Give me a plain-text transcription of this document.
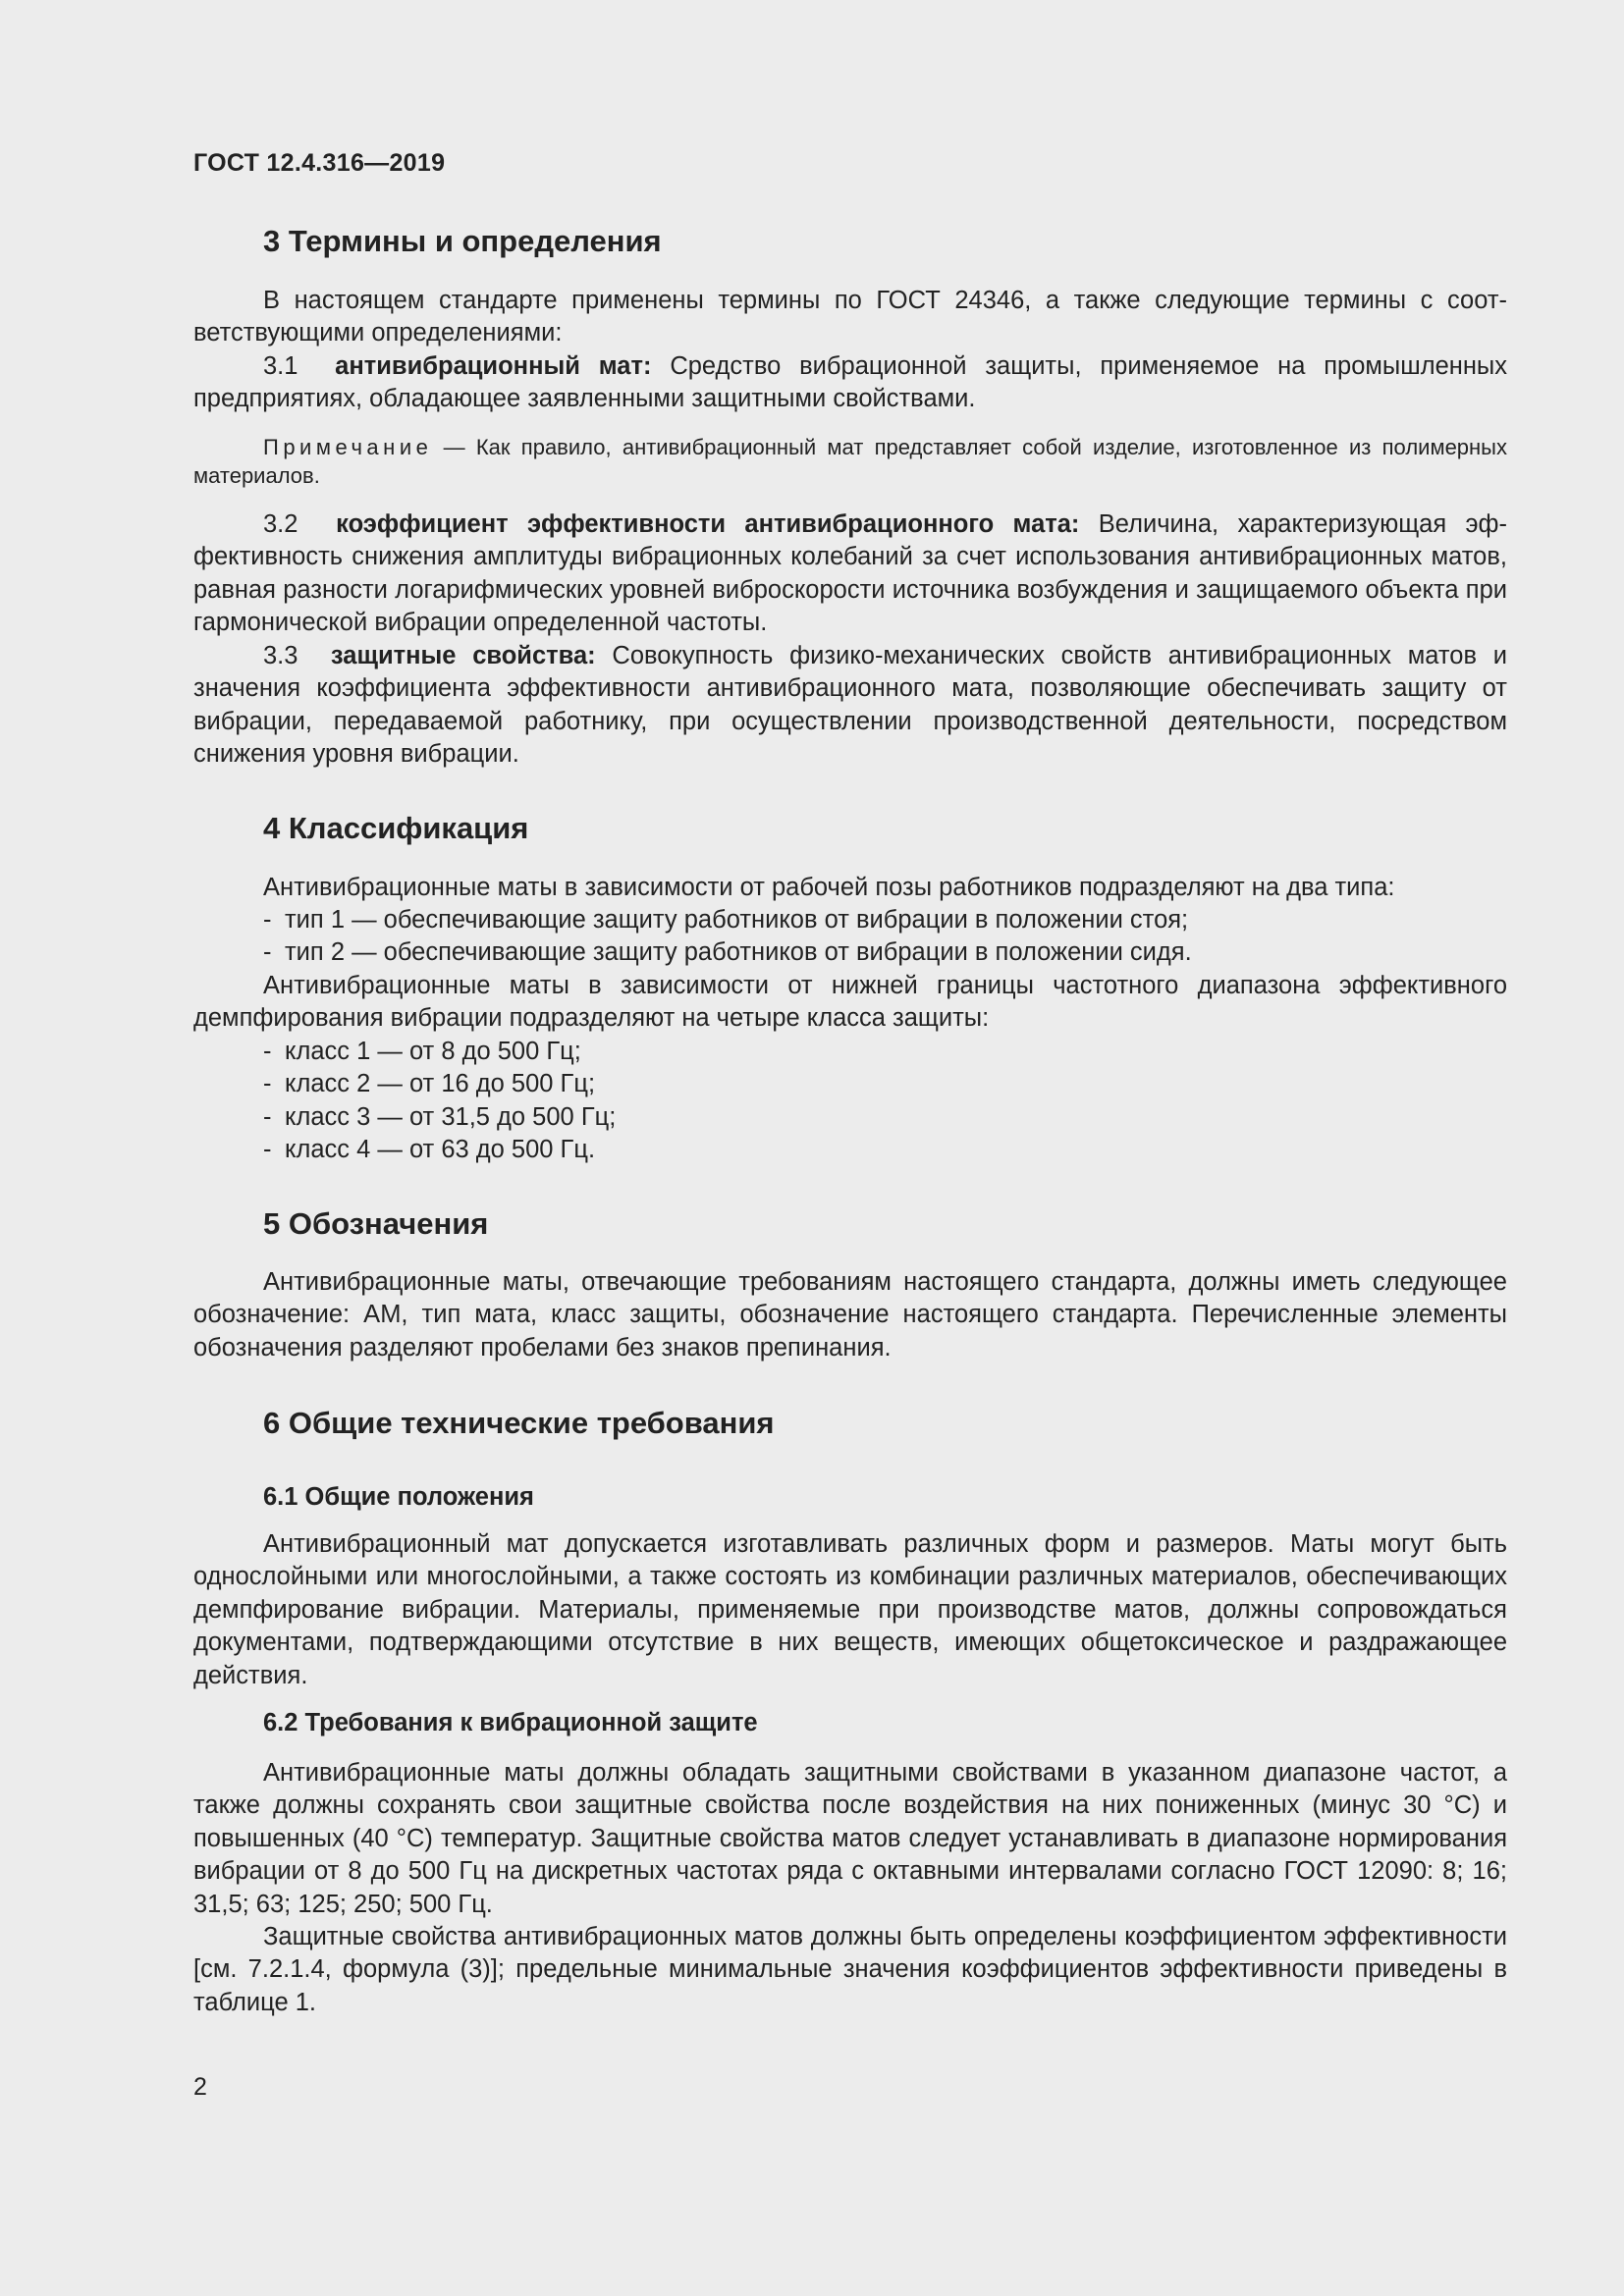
ГОСТ 12.4.316—2019
3 Термины и определения

В настоящем стандарте применены термины по ГОСТ 24346, а также следующие термины с соответствующими определениями:

3.1 антивибрационный мат: Средство вибрационной защиты, применяемое на промышленных предприятиях, обладающее заявленными защитными свойствами.

Примечание — Как правило, антивибрационный мат представляет собой изделие, изготовленное из полимерных материалов.

3.2 коэффициент эффективности антивибрационного мата: Величина, характеризующая эффективность снижения амплитуды вибрационных колебаний за счет использования антивибрационных матов, равная разности логарифмических уровней виброскорости источника возбуждения и защищаемого объекта при гармонической вибрации определенной частоты.

3.3 защитные свойства: Совокупность физико-механических свойств антивибрационных матов и значения коэффициента эффективности антивибрационного мата, позволяющие обеспечивать защиту от вибрации, передаваемой работнику, при осуществлении производственной деятельности, посредством снижения уровня вибрации.

4 Классификация

Антивибрационные маты в зависимости от рабочей позы работников подразделяют на два типа:

- тип 1 — обеспечивающие защиту работников от вибрации в положении стоя;
- тип 2 — обеспечивающие защиту работников от вибрации в положении сидя.

Антивибрационные маты в зависимости от нижней границы частотного диапазона эффективного демпфирования вибрации подразделяют на четыре класса защиты:

- класс 1 — от 8 до 500 Гц;
- класс 2 — от 16 до 500 Гц;
- класс 3 — от 31,5 до 500 Гц;
- класс 4 — от 63 до 500 Гц.
5 Обозначения

Антивибрационные маты, отвечающие требованиям настоящего стандарта, должны иметь следующее обозначение: АМ, тип мата, класс защиты, обозначение настоящего стандарта. Перечисленные элементы обозначения разделяют пробелами без знаков препинания.

6 Общие технические требования
6.1 Общие положения

Антивибрационный мат допускается изготавливать различных форм и размеров. Маты могут быть однослойными или многослойными, а также состоять из комбинации различных материалов, обеспечивающих демпфирование вибрации. Материалы, применяемые при производстве матов, должны сопровождаться документами, подтверждающими отсутствие в них веществ, имеющих общетоксическое и раздражающее действия.

6.2 Требования к вибрационной защите

Антивибрационные маты должны обладать защитными свойствами в указанном диапазоне частот, а также должны сохранять свои защитные свойства после воздействия на них пониженных (минус 30 °С) и повышенных (40 °С) температур. Защитные свойства матов следует устанавливать в диапазоне нормирования вибрации от 8 до 500 Гц на дискретных частотах ряда с октавными интервалами согласно ГОСТ 12090: 8; 16; 31,5; 63; 125; 250; 500 Гц.

Защитные свойства антивибрационных матов должны быть определены коэффициентом эффективности [см. 7.2.1.4, формула (3)]; предельные минимальные значения коэффициентов эффективности приведены в таблице 1.

2
